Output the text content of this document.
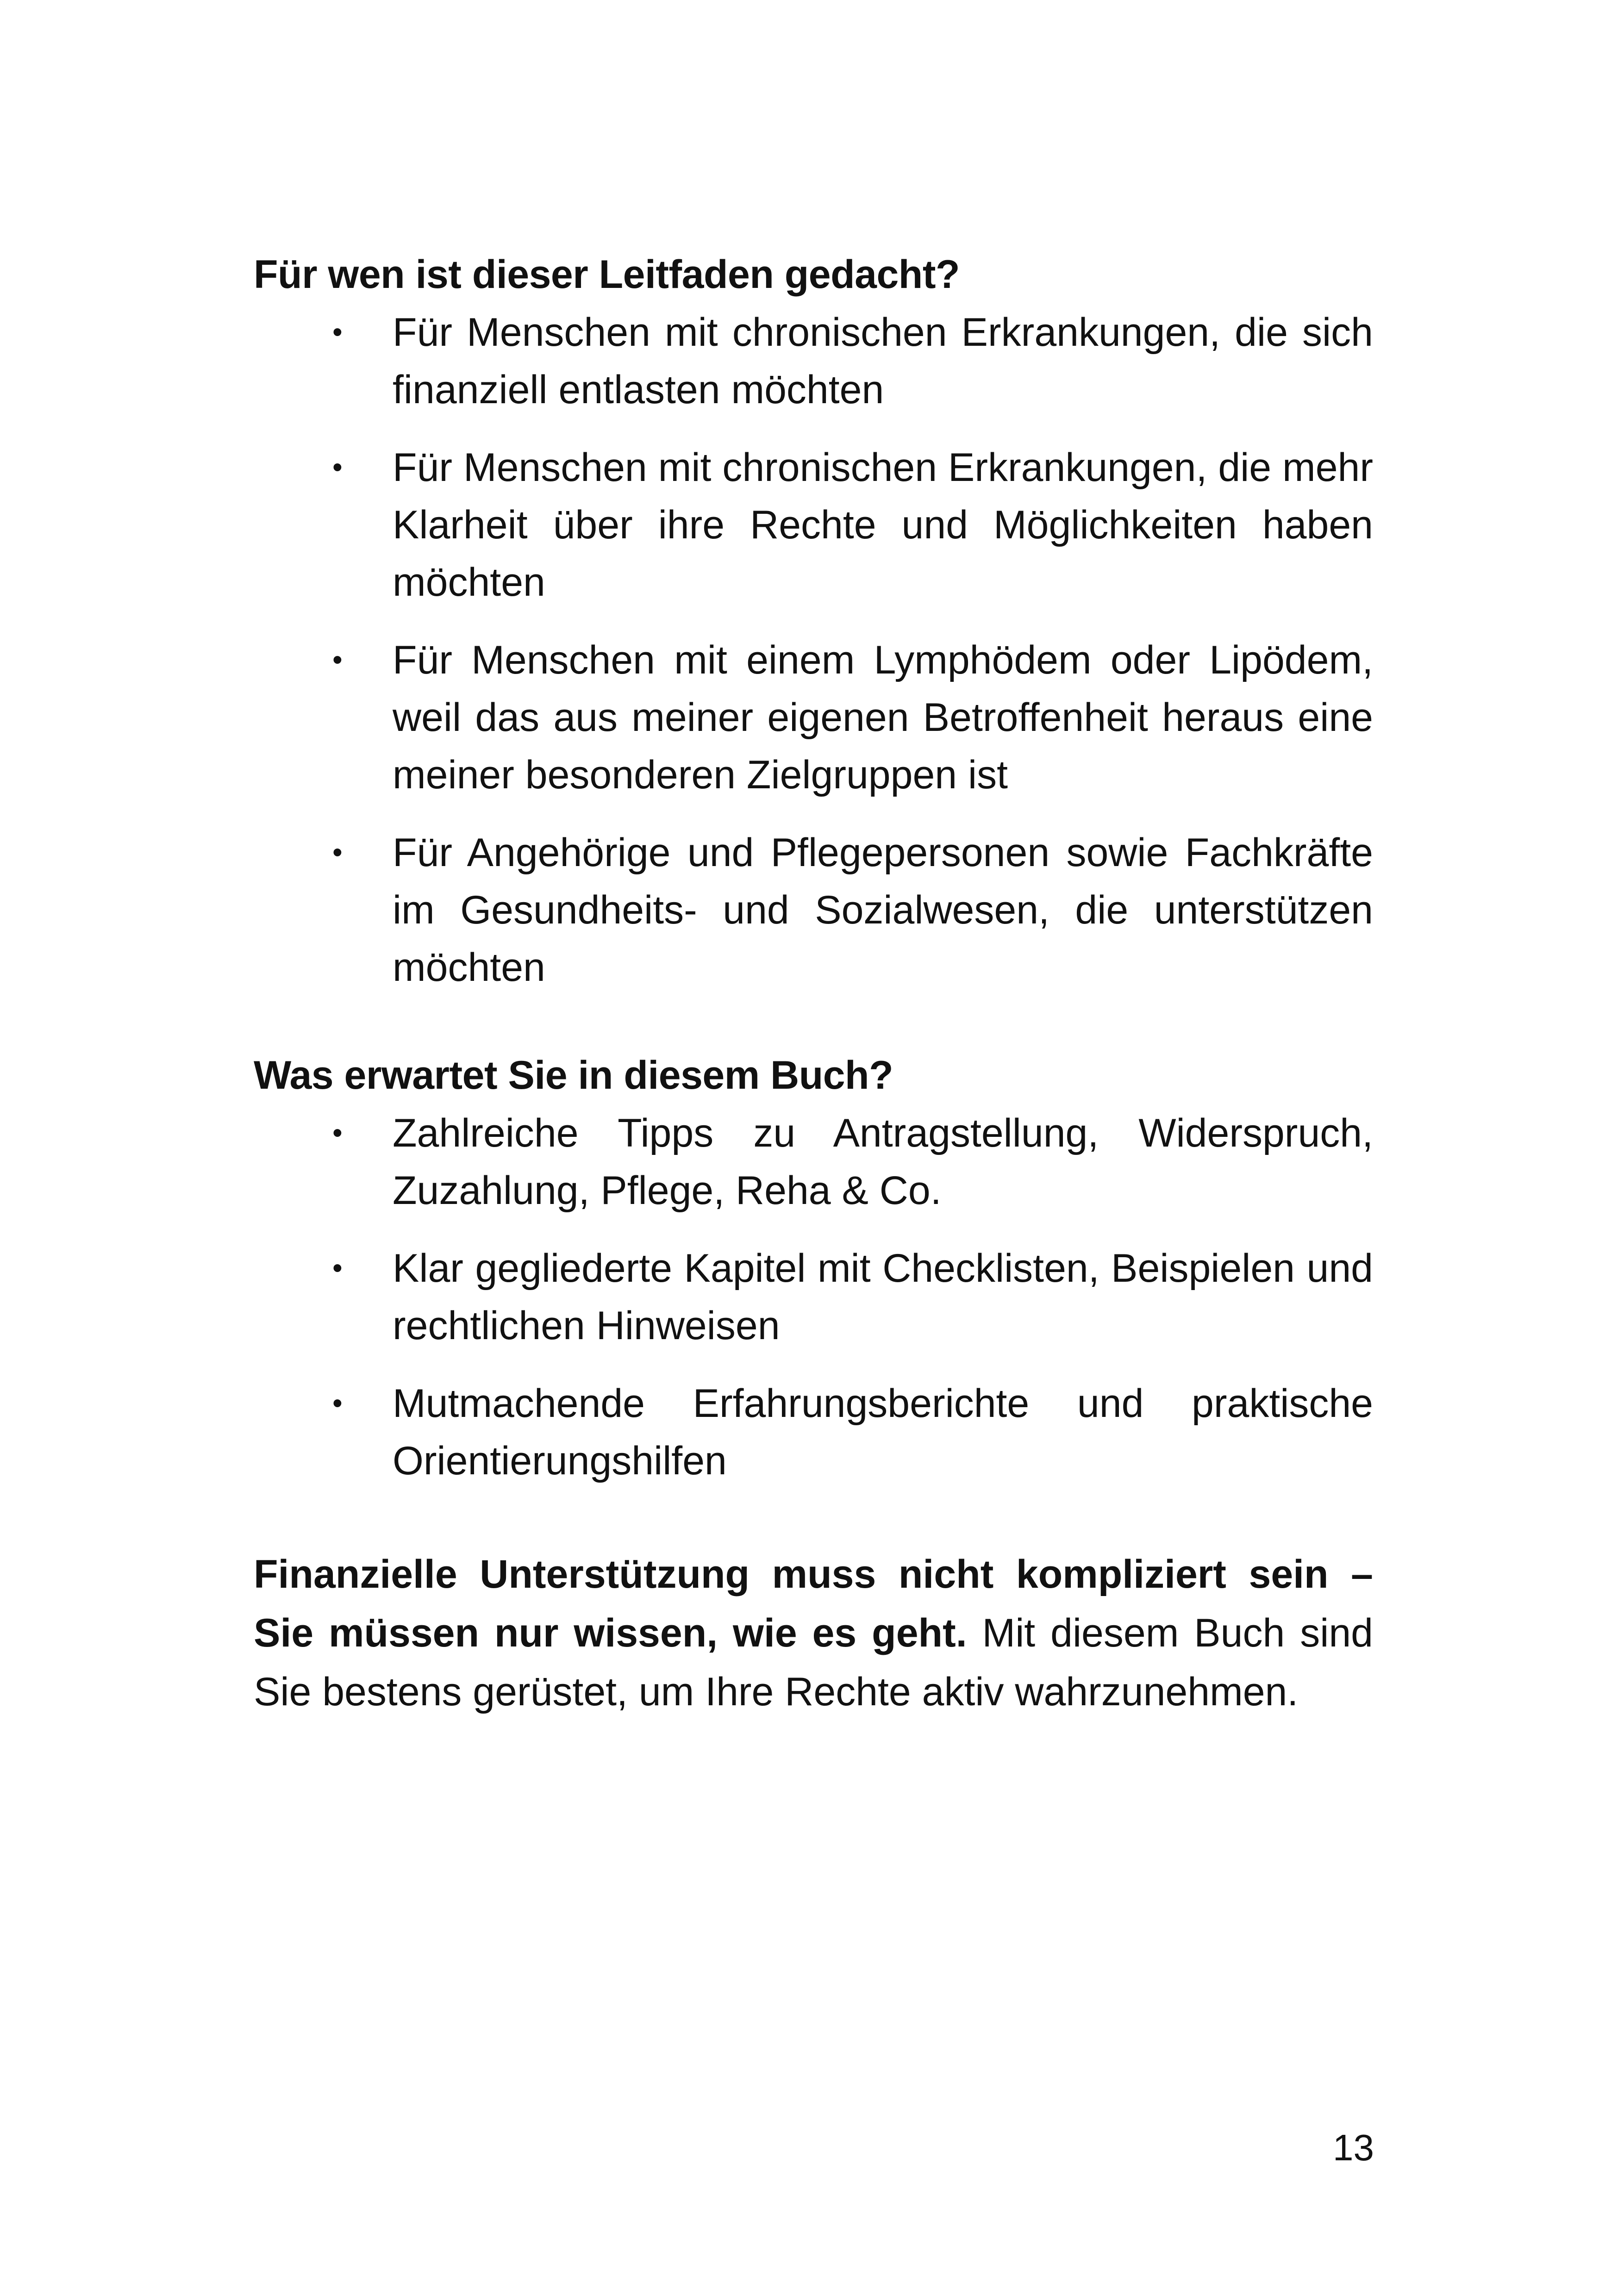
Für wen ist dieser Leitfaden gedacht?
• Für Menschen mit chronischen Erkrankungen, die sich finanziell entlasten möchten
• Für Menschen mit chronischen Erkrankungen, die mehr Klarheit über ihre Rechte und Möglichkeiten haben möchten
• Für Menschen mit einem Lymphödem oder Lipödem, weil das aus meiner eigenen Betroffenheit heraus eine meiner besonderen Zielgruppen ist
• Für Angehörige und Pflegepersonen sowie Fachkräfte im Gesundheits- und Sozialwesen, die unterstützen möchten
Was erwartet Sie in diesem Buch?
• Zahlreiche Tipps zu Antragstellung, Widerspruch, Zuzahlung, Pflege, Reha & Co.
• Klar gegliederte Kapitel mit Checklisten, Beispielen und rechtlichen Hinweisen
• Mutmachende Erfahrungsberichte und praktische Orientierungshilfen

Finanzielle Unterstützung muss nicht kompliziert sein – Sie müssen nur wissen, wie es geht. Mit diesem Buch sind Sie bestens gerüstet, um Ihre Rechte aktiv wahrzunehmen.

13
